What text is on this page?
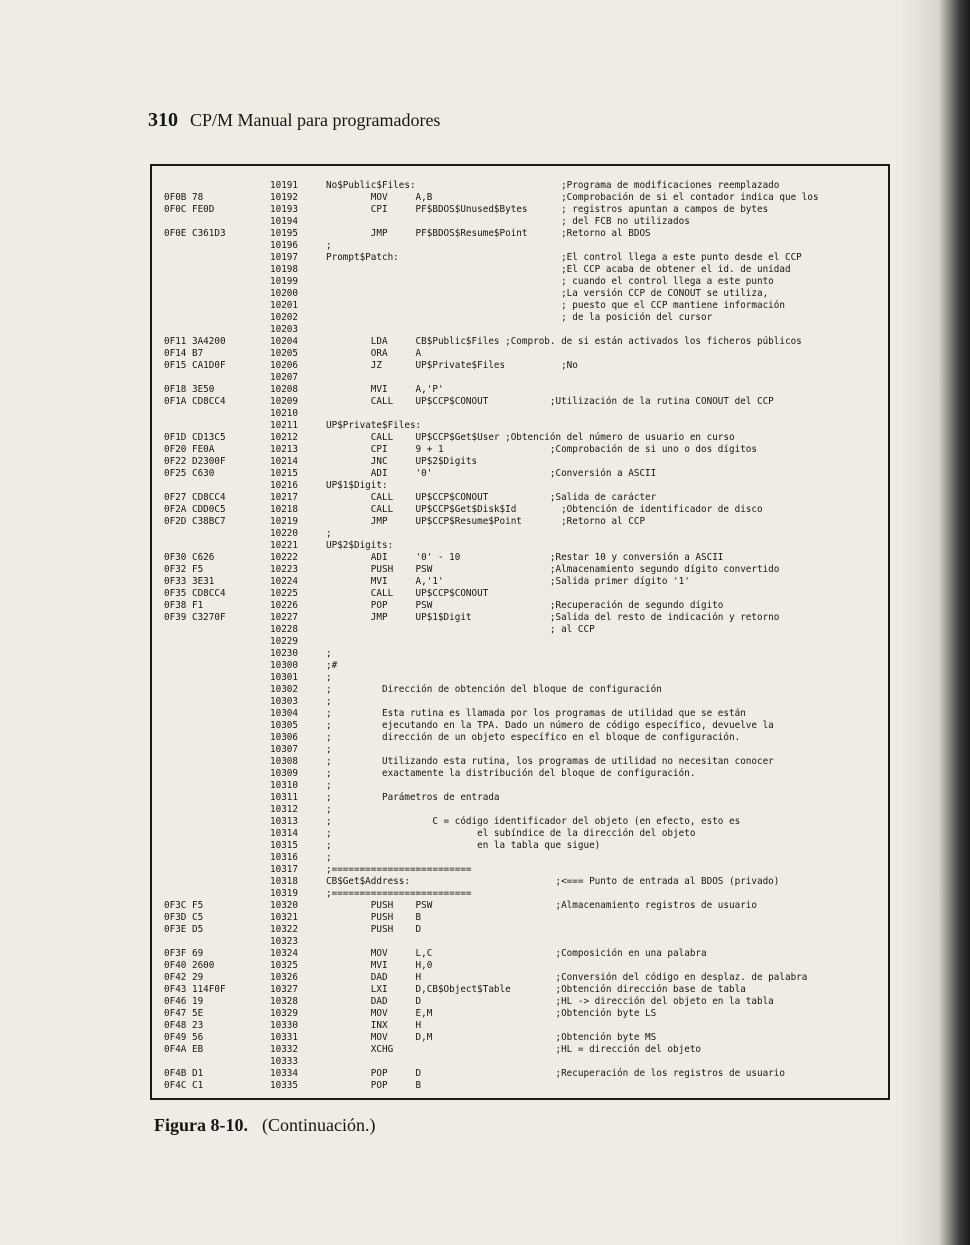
310 CP/M Manual para programadores
10191	No$Public$Files:                          ;Programa de modificaciones reemplazado
0F0B 78	10192	MOV     A,B                       ;Comprobación de si el contador indica que los
0F0C FE0D	10193	CPI     PF$BDOS$Unused$Bytes      ; registros apuntan a campos de bytes
10194	; del FCB no utilizados
0F0E C361D3	10195	JMP     PF$BDOS$Resume$Point      ;Retorno al BDOS
10196	;
10197	Prompt$Patch:                             ;El control llega a este punto desde el CCP
10198	;El CCP acaba de obtener el id. de unidad
10199	; cuando el control llega a este punto
10200	;La versión CCP de CONOUT se utiliza,
10201	; puesto que el CCP mantiene información
10202	; de la posición del cursor
10203
0F11 3A4200	10204	LDA     CB$Public$Files ;Comprob. de si están activados los ficheros públicos
0F14 B7	10205	ORA     A
0F15 CA1D0F	10206	JZ      UP$Private$Files          ;No
10207
0F18 3E50	10208	MVI     A,'P'
0F1A CD8CC4	10209	CALL    UP$CCP$CONOUT           ;Utilización de la rutina CONOUT del CCP
10210
10211	UP$Private$Files:
0F1D CD13C5	10212	CALL    UP$CCP$Get$User ;Obtención del número de usuario en curso
0F20 FE0A	10213	CPI     9 + 1                   ;Comprobación de si uno o dos dígitos
0F22 D2300F	10214	JNC     UP$2$Digits
0F25 C630	10215	ADI     '0'                     ;Conversión a ASCII
10216	UP$1$Digit:
0F27 CD8CC4	10217	CALL    UP$CCP$CONOUT           ;Salida de carácter
0F2A CDD0C5	10218	CALL    UP$CCP$Get$Disk$Id        ;Obtención de identificador de disco
0F2D C38BC7	10219	JMP     UP$CCP$Resume$Point       ;Retorno al CCP
10220	;
10221	UP$2$Digits:
0F30 C626	10222	ADI     '0' - 10                ;Restar 10 y conversión a ASCII
0F32 F5	10223	PUSH    PSW                     ;Almacenamiento segundo dígito convertido
0F33 3E31	10224	MVI     A,'1'                   ;Salida primer dígito '1'
0F35 CD8CC4	10225	CALL    UP$CCP$CONOUT
0F38 F1	10226	POP     PSW                     ;Recuperación de segundo dígito
0F39 C3270F	10227	JMP     UP$1$Digit              ;Salida del resto de indicación y retorno
10228	; al CCP
10229
10230	;
10300	;#
10301	;
10302	;         Dirección de obtención del bloque de configuración
10303	;
10304	;         Esta rutina es llamada por los programas de utilidad que se están
10305	;         ejecutando en la TPA. Dado un número de código específico, devuelve la
10306	;         dirección de un objeto específico en el bloque de configuración.
10307	;
10308	;         Utilizando esta rutina, los programas de utilidad no necesitan conocer
10309	;         exactamente la distribución del bloque de configuración.
10310	;
10311	;         Parámetros de entrada
10312	;
10313	;                  C = código identificador del objeto (en efecto, esto es
10314	;                          el subíndice de la dirección del objeto
10315	;                          en la tabla que sigue)
10316	;
10317	;=========================
10318	CB$Get$Address:                          ;<=== Punto de entrada al BDOS (privado)
10319	;=========================
0F3C F5	10320	PUSH    PSW                      ;Almacenamiento registros de usuario
0F3D C5	10321	PUSH    B
0F3E D5	10322	PUSH    D
10323
0F3F 69	10324	MOV     L,C                      ;Composición en una palabra
0F40 2600	10325	MVI     H,0
0F42 29	10326	DAD     H                        ;Conversión del código en desplaz. de palabra
0F43 114F0F	10327	LXI     D,CB$Object$Table        ;Obtención dirección base de tabla
0F46 19	10328	DAD     D                        ;HL -> dirección del objeto en la tabla
0F47 5E	10329	MOV     E,M                      ;Obtención byte LS
0F48 23	10330	INX     H
0F49 56	10331	MOV     D,M                      ;Obtención byte MS
0F4A EB	10332	XCHG                             ;HL = dirección del objeto
10333
0F4B D1	10334	POP     D                        ;Recuperación de los registros de usuario
0F4C C1	10335	POP     B
Figura 8-10. (Continuación.)
